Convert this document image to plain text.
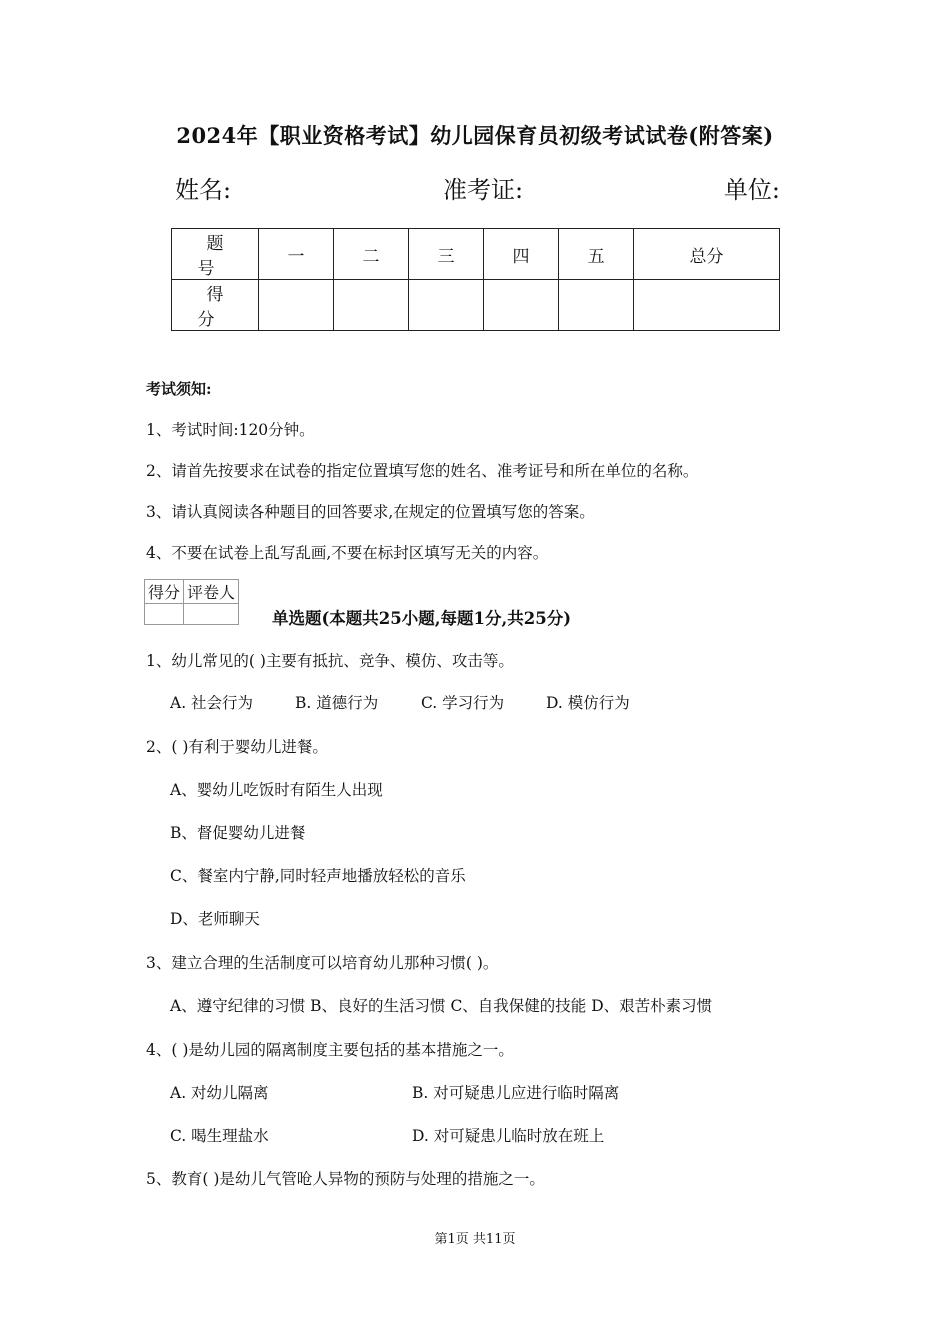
2024年【职业资格考试】幼儿园保育员初级考试试卷(附答案)
姓名:	准考证:	单位:
题 号	一	二	三	四	五	总分
得 分						
考试须知:
1、考试时间:120分钟。
2、请首先按要求在试卷的指定位置填写您的姓名、准考证号和所在单位的名称。
3、请认真阅读各种题目的回答要求,在规定的位置填写您的答案。
4、不要在试卷上乱写乱画,不要在标封区填写无关的内容。
得分	评卷人

单选题(本题共25小题,每题1分,共25分)
1、幼儿常见的( )主要有抵抗、竞争、模仿、攻击等。
A. 社会行为	B. 道德行为	C. 学习行为	D. 模仿行为
2、( )有利于婴幼儿进餐。
A、婴幼儿吃饭时有陌生人出现
B、督促婴幼儿进餐
C、餐室内宁静,同时轻声地播放轻松的音乐
D、老师聊天
3、建立合理的生活制度可以培育幼儿那种习惯( )。
A、遵守纪律的习惯 B、良好的生活习惯 C、自我保健的技能 D、艰苦朴素习惯
4、( )是幼儿园的隔离制度主要包括的基本措施之一。
A. 对幼儿隔离	B. 对可疑患儿应进行临时隔离
C. 喝生理盐水	D. 对可疑患儿临时放在班上
5、教育( )是幼儿气管呛人异物的预防与处理的措施之一。
第1页 共11页
